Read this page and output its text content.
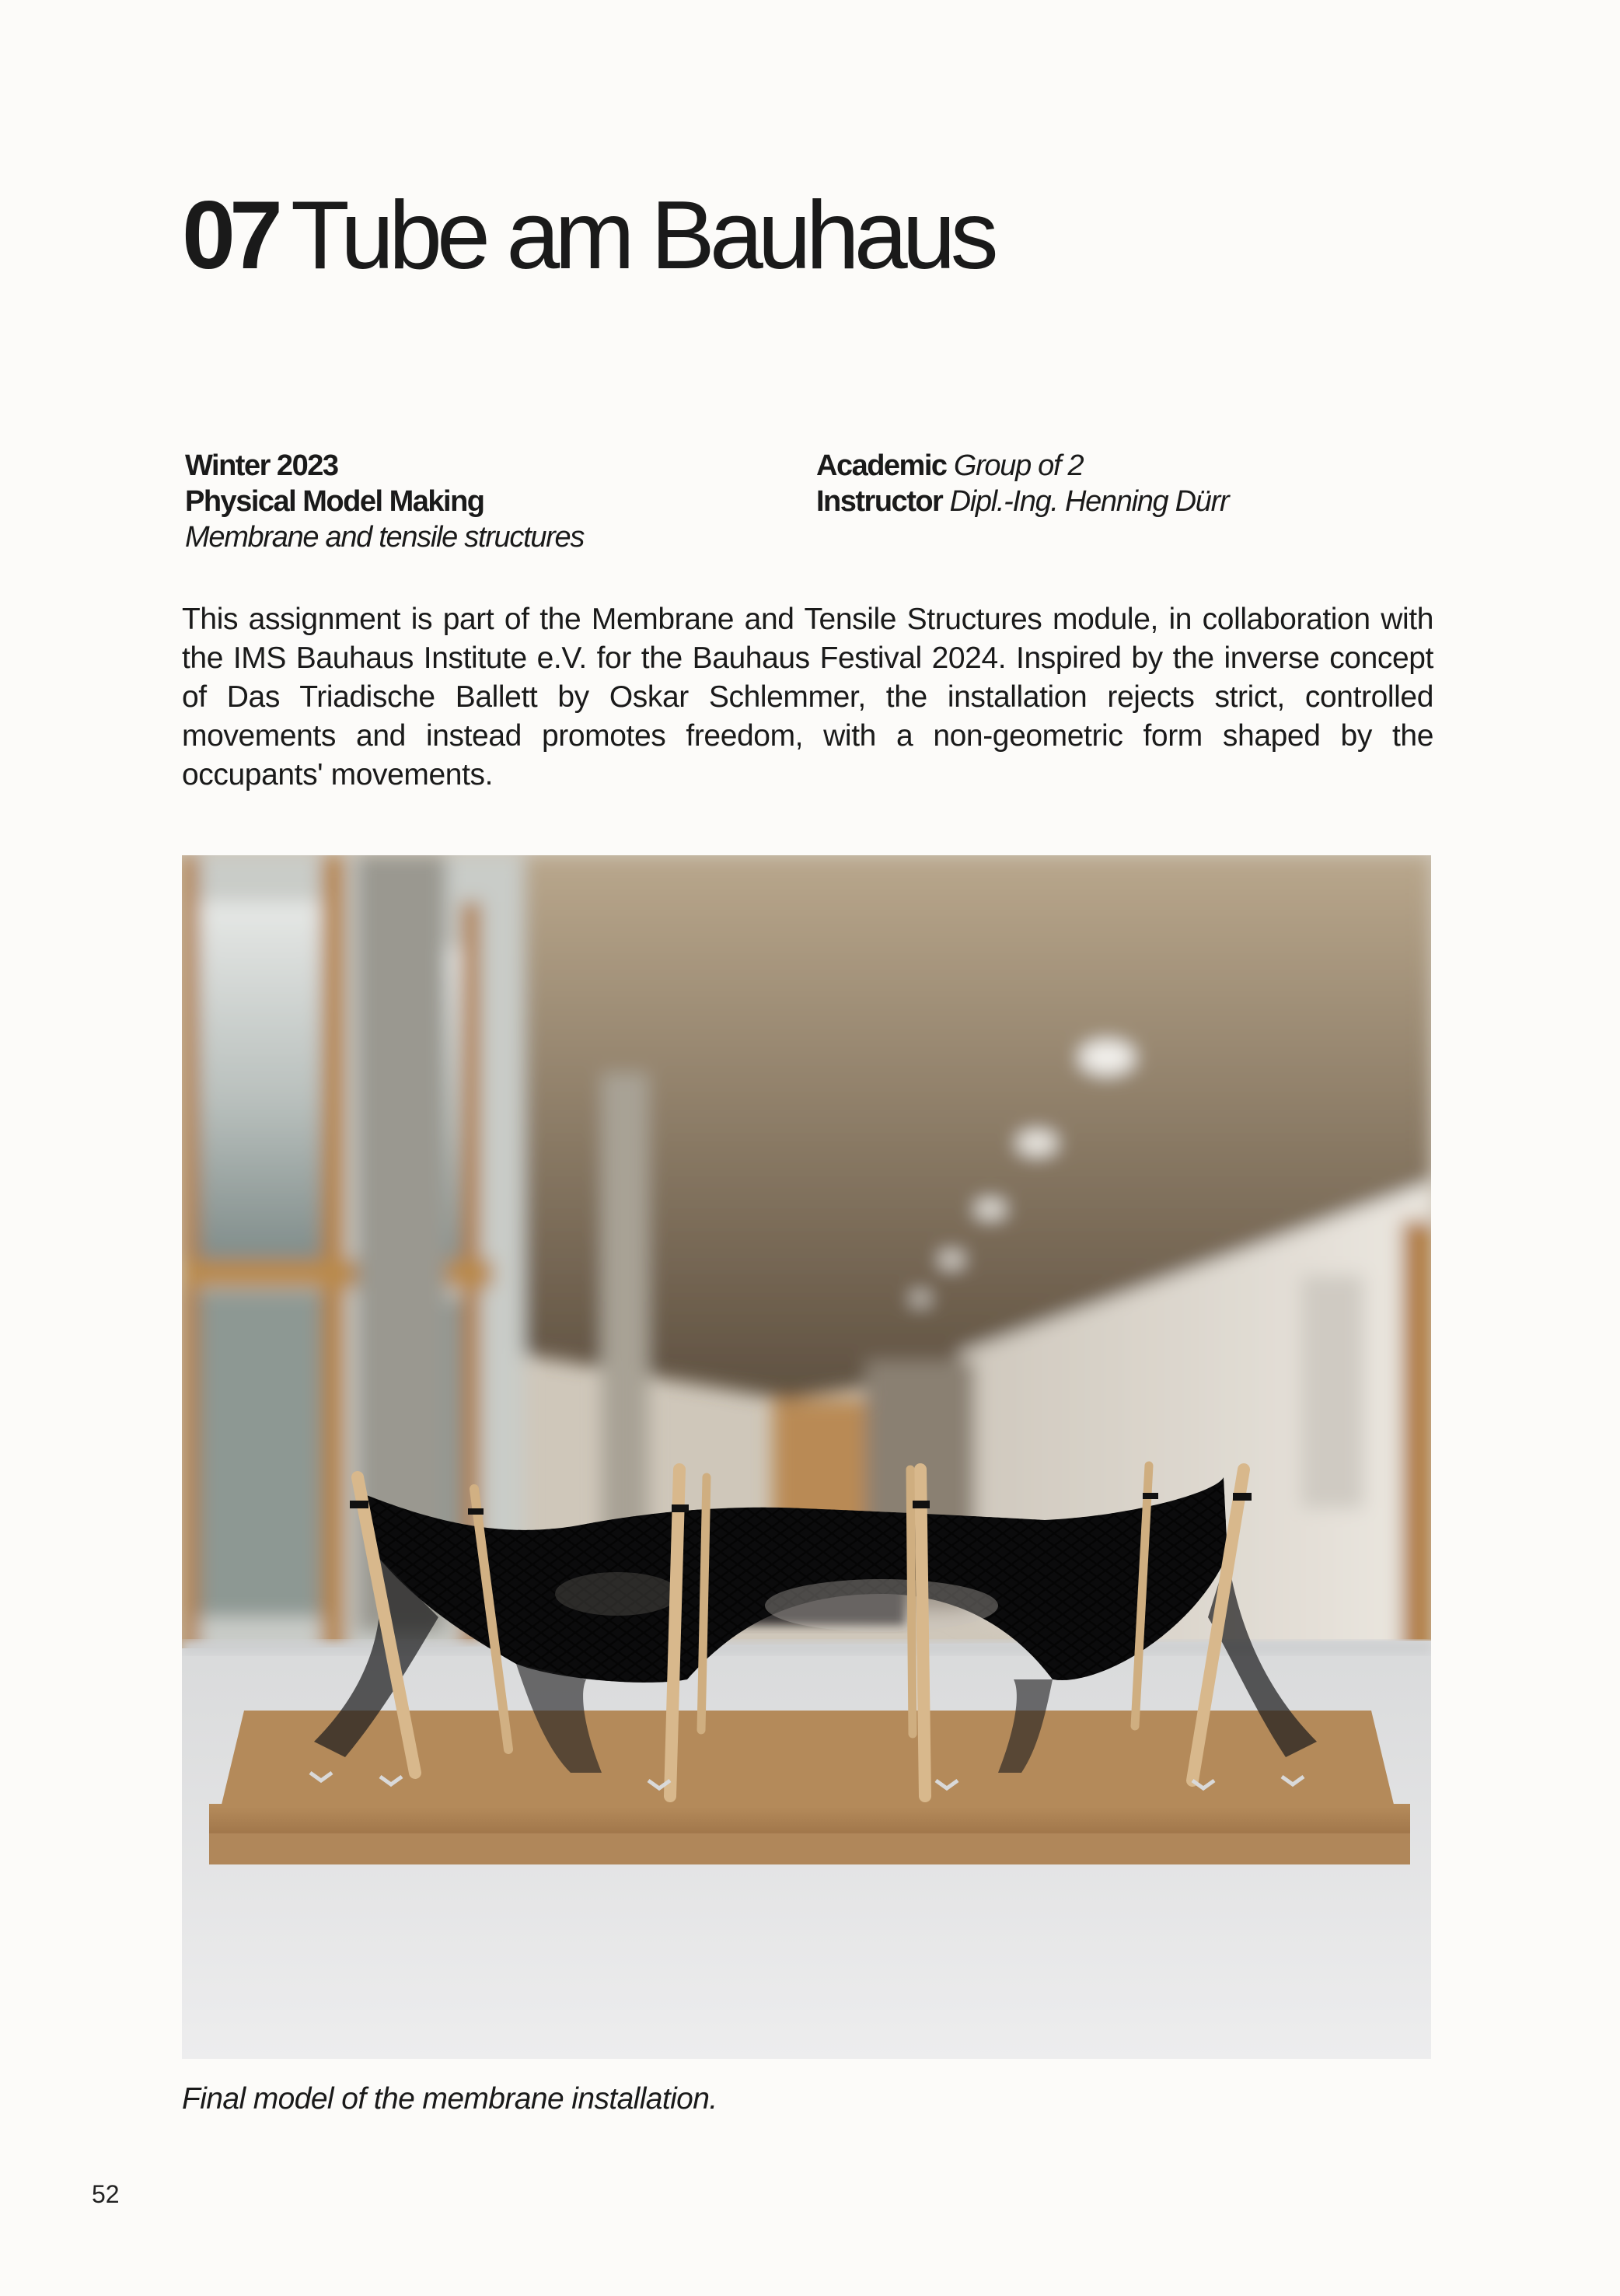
07 Tube am Bauhaus
Winter 2023
Physical Model Making
Membrane and tensile structures
Academic Group of 2
Instructor Dipl.-Ing. Henning Dürr
This assignment is part of the Membrane and Tensile Structures module, in collaboration with the IMS Bauhaus Institute e.V. for the Bauhaus Festival 2024. Inspired by the inverse concept of Das Triadische Ballett by Oskar Schlemmer, the installation rejects strict, controlled movements and instead promotes freedom, with a non-geometric form shaped by the occupants' movements.
Final model of the membrane installation.
52
